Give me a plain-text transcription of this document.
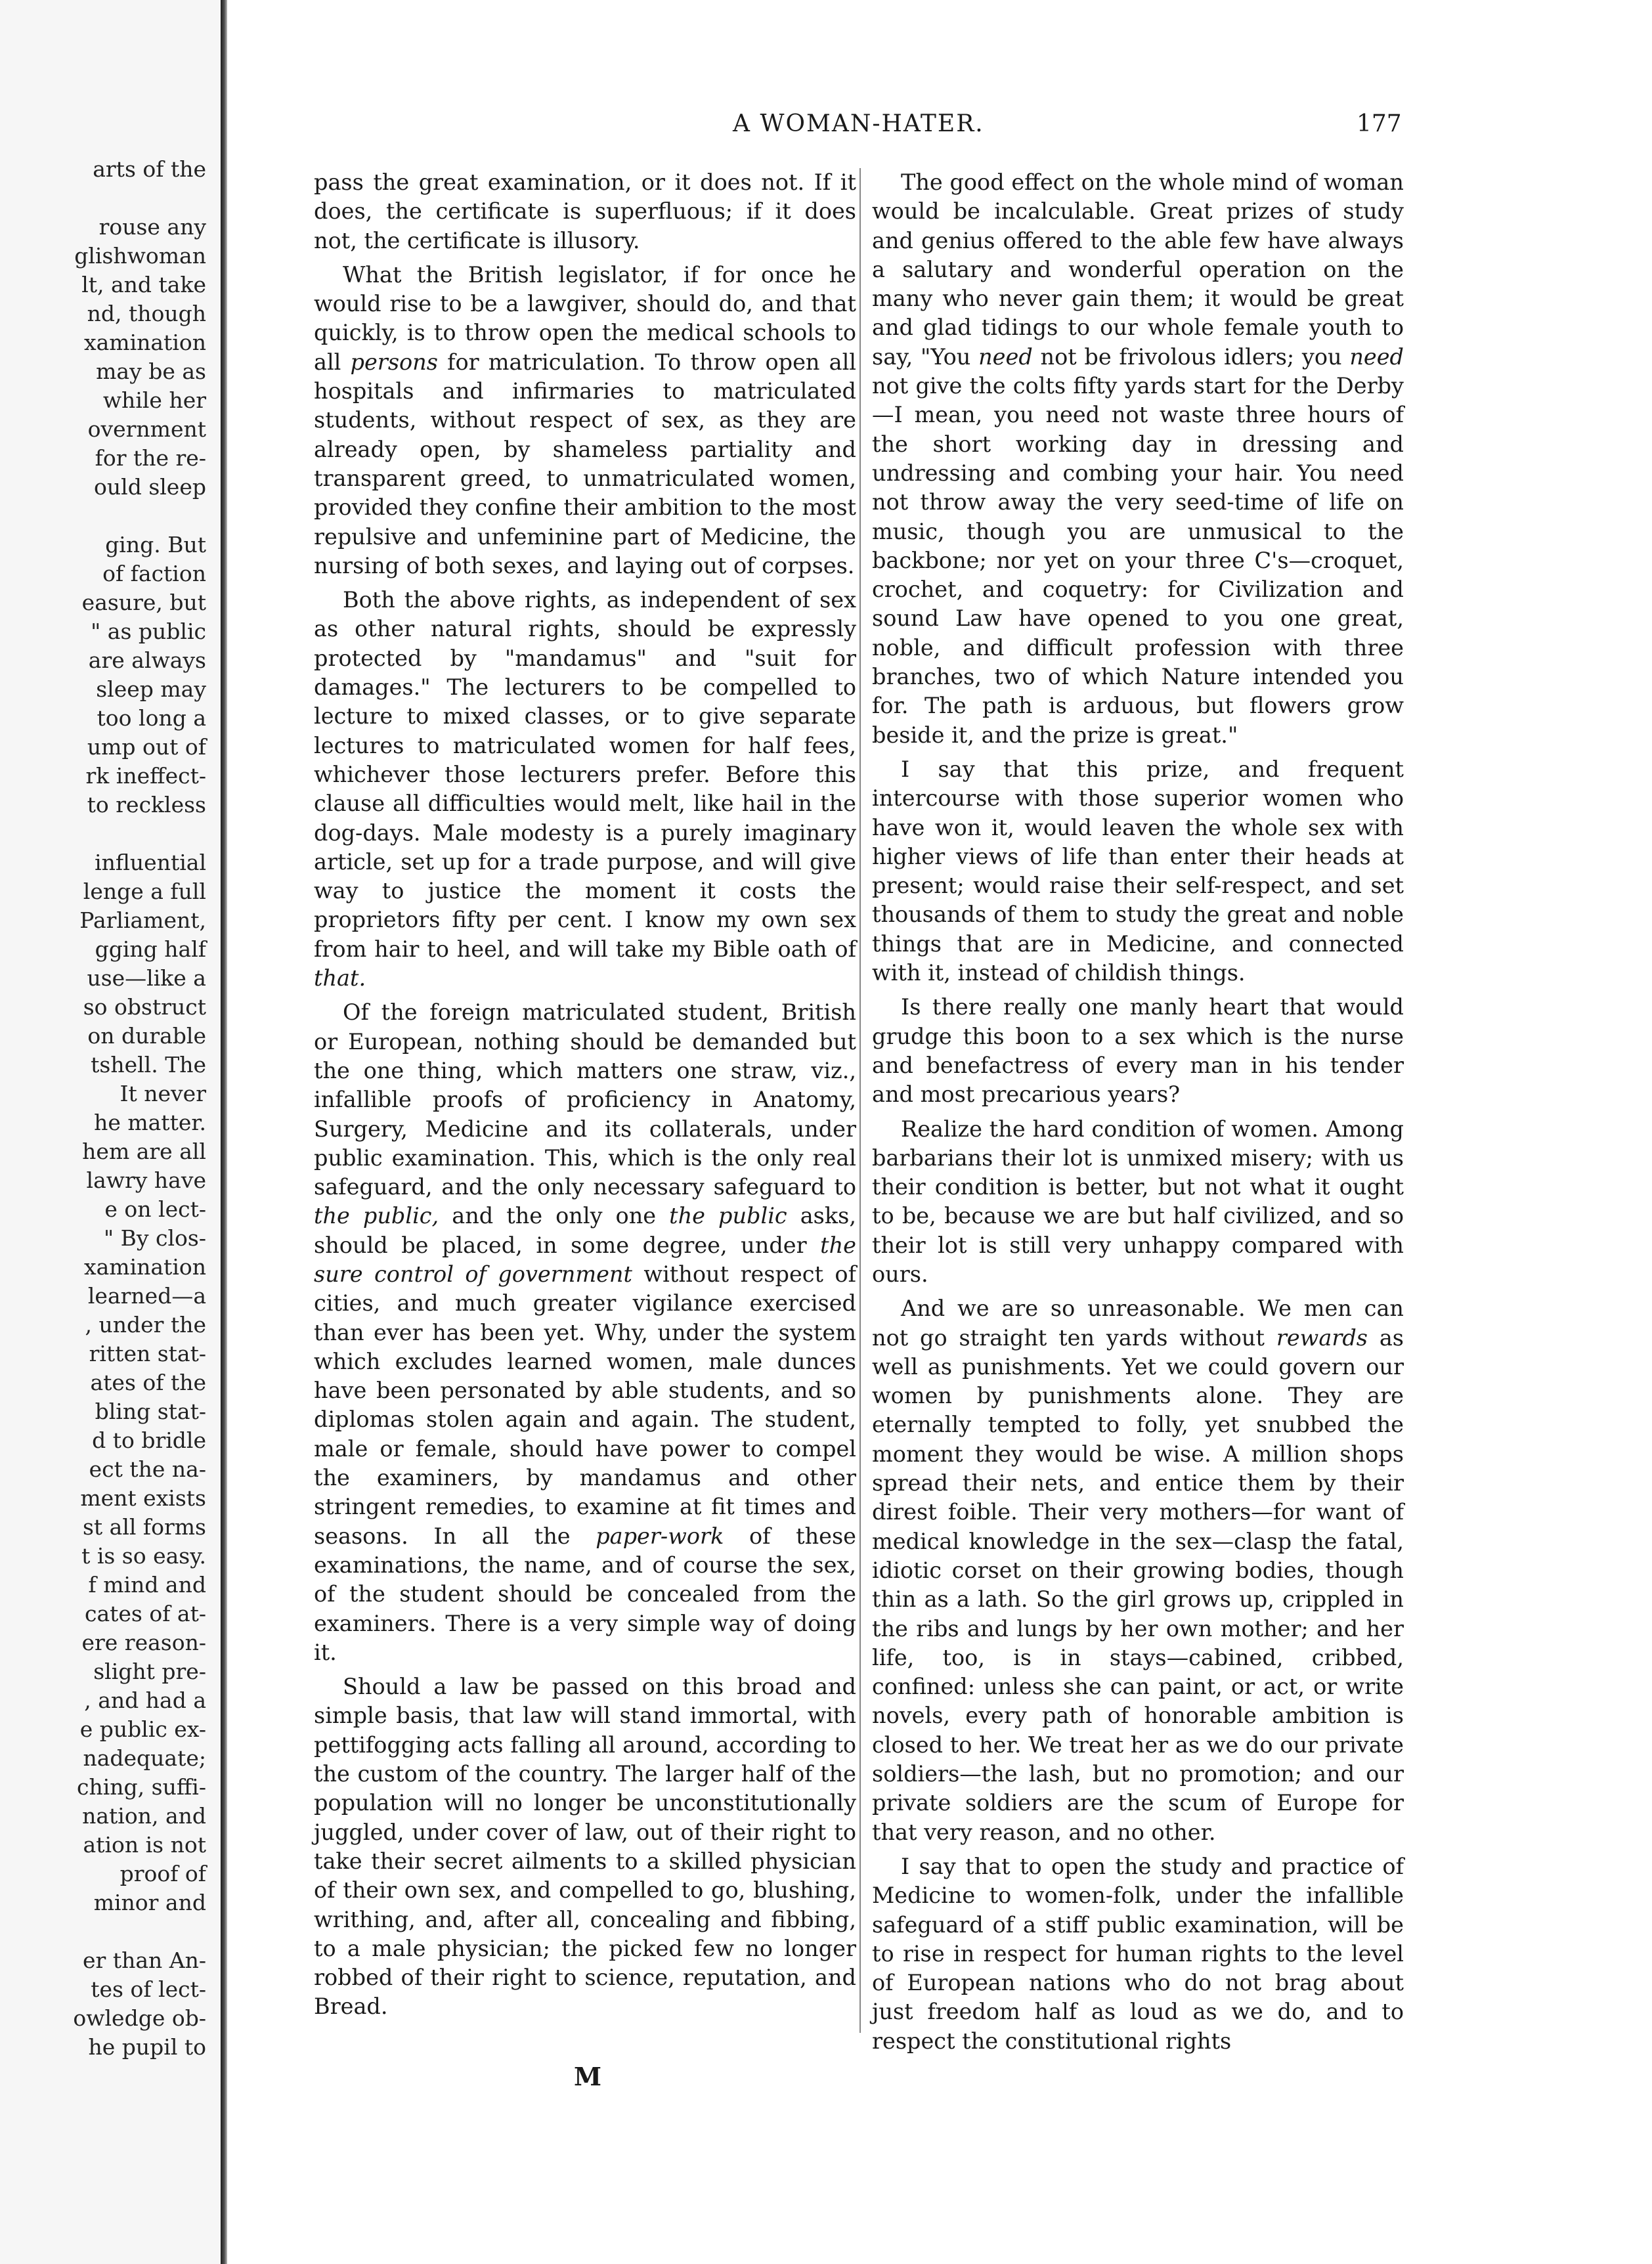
arts of the
rouse any
glishwoman
lt, and take
nd, though
xamination
may be as
while her
overnment
for the re-
ould sleep
ging. But
of faction
easure, but
" as public
are always
sleep may
too long a
ump out of
rk ineffect-
to reckless
influential
lenge a full
Parliament,
gging half
use—like a
so obstruct
on durable
tshell. The
It never
he matter.
hem are all
lawry have
e on lect-
" By clos-
xamination
learned—a
, under the
ritten stat-
ates of the
bling stat-
d to bridle
ect the na-
ment exists
st all forms
t is so easy.
f mind and
cates of at-
ere reason-
slight pre-
, and had a
e public ex-
nadequate;
ching, suffi-
nation, and
ation is not
proof of
minor and
er than An-
tes of lect-
owledge ob-
he pupil to
A WOMAN-HATER.	177

pass the great examination, or it does not. If it does, the certificate is superfluous; if it does not, the certificate is illusory.

What the British legislator, if for once he would rise to be a lawgiver, should do, and that quickly, is to throw open the medical schools to all persons for matriculation. To throw open all hospitals and infirmaries to matriculated students, without respect of sex, as they are already open, by shameless partiality and transparent greed, to unmatriculated women, provided they confine their ambition to the most repulsive and unfeminine part of Medicine, the nursing of both sexes, and laying out of corpses.

Both the above rights, as independent of sex as other natural rights, should be expressly protected by "mandamus" and "suit for damages." The lecturers to be compelled to lecture to mixed classes, or to give separate lectures to matriculated women for half fees, whichever those lecturers prefer. Before this clause all difficulties would melt, like hail in the dog-days. Male modesty is a purely imaginary article, set up for a trade purpose, and will give way to justice the moment it costs the proprietors fifty per cent. I know my own sex from hair to heel, and will take my Bible oath of that.

Of the foreign matriculated student, British or European, nothing should be demanded but the one thing, which matters one straw, viz., infallible proofs of proficiency in Anatomy, Surgery, Medicine and its collaterals, under public examination. This, which is the only real safeguard, and the only necessary safeguard to the public, and the only one the public asks, should be placed, in some degree, under the sure control of government without respect of cities, and much greater vigilance exercised than ever has been yet. Why, under the system which excludes learned women, male dunces have been personated by able students, and so diplomas stolen again and again. The student, male or female, should have power to compel the examiners, by mandamus and other stringent remedies, to examine at fit times and seasons. In all the paper-work of these examinations, the name, and of course the sex, of the student should be concealed from the examiners. There is a very simple way of doing it.

Should a law be passed on this broad and simple basis, that law will stand immortal, with pettifogging acts falling all around, according to the custom of the country. The larger half of the population will no longer be unconstitutionally juggled, under cover of law, out of their right to take their secret ailments to a skilled physician of their own sex, and compelled to go, blushing, writhing, and, after all, concealing and fibbing, to a male physician; the picked few no longer robbed of their right to science, reputation, and Bread.

The good effect on the whole mind of woman would be incalculable. Great prizes of study and genius offered to the able few have always a salutary and wonderful operation on the many who never gain them; it would be great and glad tidings to our whole female youth to say, "You need not be frivolous idlers; you need not give the colts fifty yards start for the Derby—I mean, you need not waste three hours of the short working day in dressing and undressing and combing your hair. You need not throw away the very seed-time of life on music, though you are unmusical to the backbone; nor yet on your three C's—croquet, crochet, and coquetry: for Civilization and sound Law have opened to you one great, noble, and difficult profession with three branches, two of which Nature intended you for. The path is arduous, but flowers grow beside it, and the prize is great."

I say that this prize, and frequent intercourse with those superior women who have won it, would leaven the whole sex with higher views of life than enter their heads at present; would raise their self-respect, and set thousands of them to study the great and noble things that are in Medicine, and connected with it, instead of childish things.

Is there really one manly heart that would grudge this boon to a sex which is the nurse and benefactress of every man in his tender and most precarious years?

Realize the hard condition of women. Among barbarians their lot is unmixed misery; with us their condition is better, but not what it ought to be, because we are but half civilized, and so their lot is still very unhappy compared with ours.

And we are so unreasonable. We men can not go straight ten yards without rewards as well as punishments. Yet we could govern our women by punishments alone. They are eternally tempted to folly, yet snubbed the moment they would be wise. A million shops spread their nets, and entice them by their direst foible. Their very mothers—for want of medical knowledge in the sex—clasp the fatal, idiotic corset on their growing bodies, though thin as a lath. So the girl grows up, crippled in the ribs and lungs by her own mother; and her life, too, is in stays—cabined, cribbed, confined: unless she can paint, or act, or write novels, every path of honorable ambition is closed to her. We treat her as we do our private soldiers—the lash, but no promotion; and our private soldiers are the scum of Europe for that very reason, and no other.

I say that to open the study and practice of Medicine to women-folk, under the infallible safeguard of a stiff public examination, will be to rise in respect for human rights to the level of European nations who do not brag about just freedom half as loud as we do, and to respect the constitutional rights

M
